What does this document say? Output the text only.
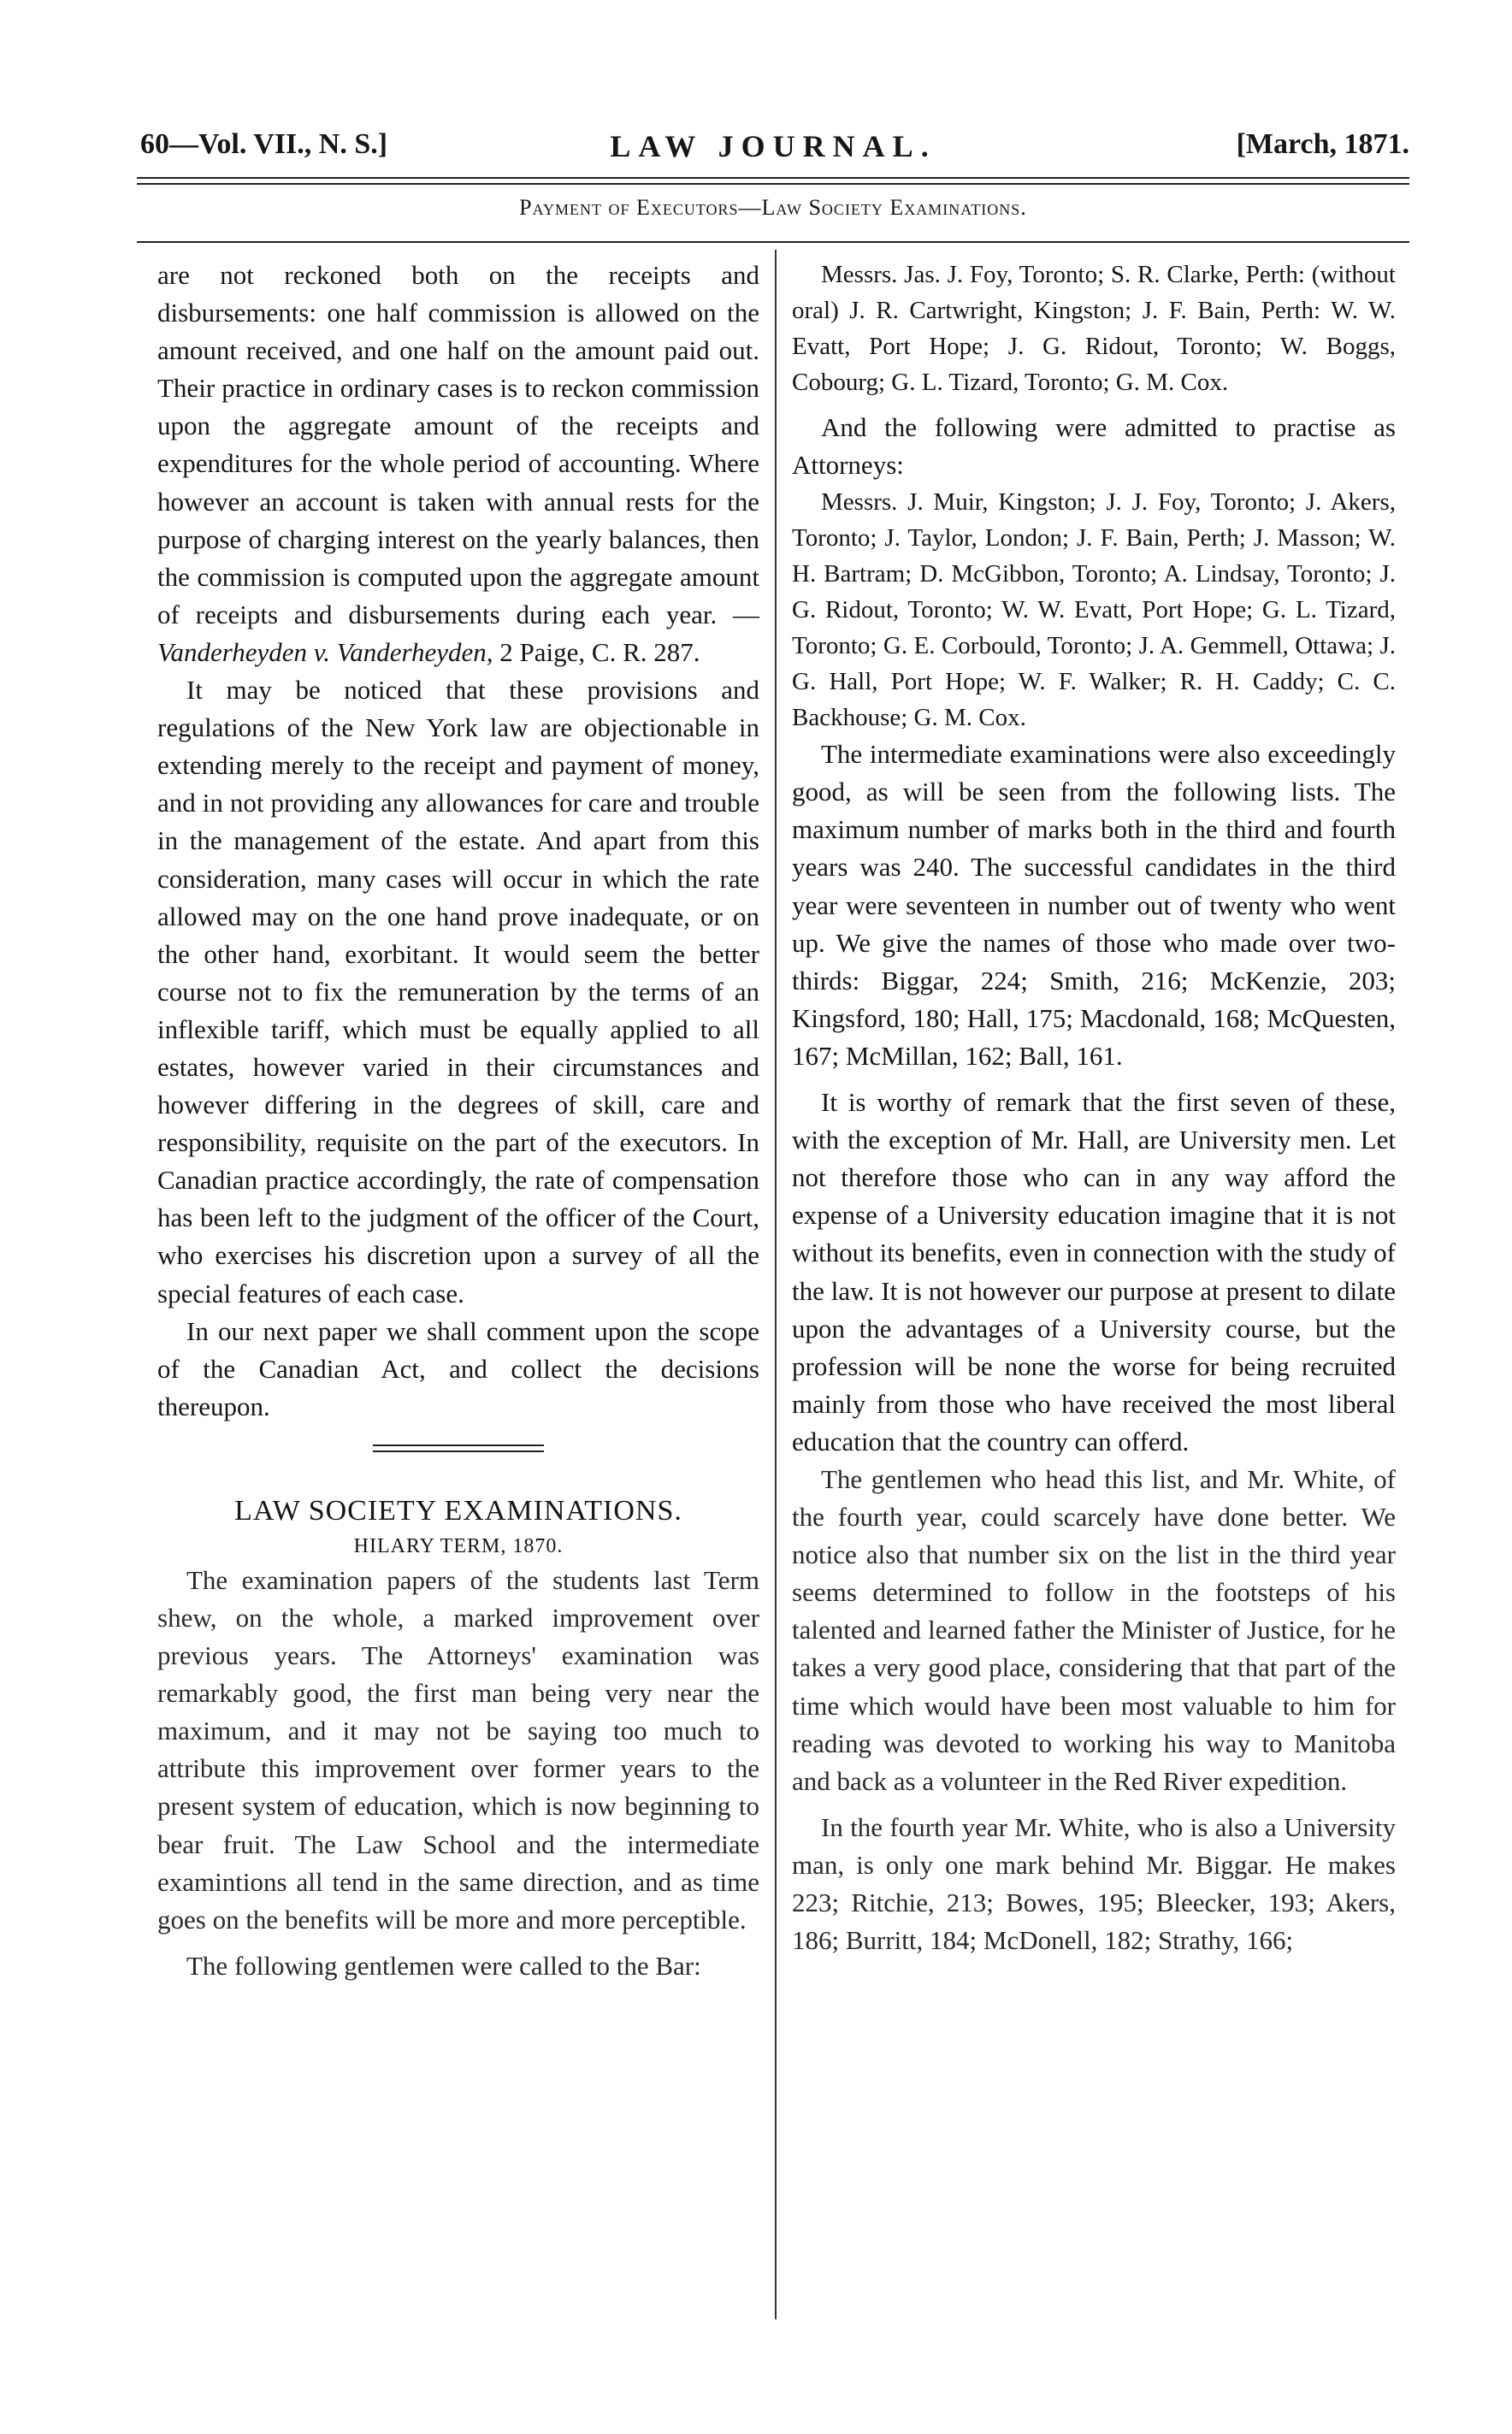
60—Vol. VII., N. S.]	LAW JOURNAL.	[March, 1871.
Payment of Executors—Law Society Examinations.

are not reckoned both on the receipts and disbursements: one half commission is allowed on the amount received, and one half on the amount paid out. Their practice in ordinary cases is to reckon commission upon the aggregate amount of the receipts and expenditures for the whole period of accounting. Where however an account is taken with annual rests for the purpose of charging interest on the yearly balances, then the commission is computed upon the aggregate amount of receipts and disbursements during each year. —Vanderheyden v. Vanderheyden, 2 Paige, C. R. 287.

It may be noticed that these provisions and regulations of the New York law are objectionable in extending merely to the receipt and payment of money, and in not providing any allowances for care and trouble in the management of the estate. And apart from this consideration, many cases will occur in which the rate allowed may on the one hand prove inadequate, or on the other hand, exorbitant. It would seem the better course not to fix the remuneration by the terms of an inflexible tariff, which must be equally applied to all estates, however varied in their circumstances and however differing in the degrees of skill, care and responsibility, requisite on the part of the executors. In Canadian practice accordingly, the rate of compensation has been left to the judgment of the officer of the Court, who exercises his discretion upon a survey of all the special features of each case.

In our next paper we shall comment upon the scope of the Canadian Act, and collect the decisions thereupon.

LAW SOCIETY EXAMINATIONS.

HILARY TERM, 1870.

The examination papers of the students last Term shew, on the whole, a marked improvement over previous years. The Attorneys' examination was remarkably good, the first man being very near the maximum, and it may not be saying too much to attribute this improvement over former years to the present system of education, which is now beginning to bear fruit. The Law School and the intermediate examintions all tend in the same direction, and as time goes on the benefits will be more and more perceptible.

The following gentlemen were called to the Bar:

Messrs. Jas. J. Foy, Toronto; S. R. Clarke, Perth: (without oral) J. R. Cartwright, Kingston; J. F. Bain, Perth: W. W. Evatt, Port Hope; J. G. Ridout, Toronto; W. Boggs, Cobourg; G. L. Tizard, Toronto; G. M. Cox.

And the following were admitted to practise as Attorneys:

Messrs. J. Muir, Kingston; J. J. Foy, Toronto; J. Akers, Toronto; J. Taylor, London; J. F. Bain, Perth; J. Masson; W. H. Bartram; D. McGibbon, Toronto; A. Lindsay, Toronto; J. G. Ridout, Toronto; W. W. Evatt, Port Hope; G. L. Tizard, Toronto; G. E. Corbould, Toronto; J. A. Gemmell, Ottawa; J. G. Hall, Port Hope; W. F. Walker; R. H. Caddy; C. C. Backhouse; G. M. Cox.

The intermediate examinations were also exceedingly good, as will be seen from the following lists. The maximum number of marks both in the third and fourth years was 240. The successful candidates in the third year were seventeen in number out of twenty who went up. We give the names of those who made over two-thirds: Biggar, 224; Smith, 216; McKenzie, 203; Kingsford, 180; Hall, 175; Macdonald, 168; McQuesten, 167; McMillan, 162; Ball, 161.

It is worthy of remark that the first seven of these, with the exception of Mr. Hall, are University men. Let not therefore those who can in any way afford the expense of a University education imagine that it is not without its benefits, even in connection with the study of the law. It is not however our purpose at present to dilate upon the advantages of a University course, but the profession will be none the worse for being recruited mainly from those who have received the most liberal education that the country can offerd.

The gentlemen who head this list, and Mr. White, of the fourth year, could scarcely have done better. We notice also that number six on the list in the third year seems determined to follow in the footsteps of his talented and learned father the Minister of Justice, for he takes a very good place, considering that that part of the time which would have been most valuable to him for reading was devoted to working his way to Manitoba and back as a volunteer in the Red River expedition.

In the fourth year Mr. White, who is also a University man, is only one mark behind Mr. Biggar. He makes 223; Ritchie, 213; Bowes, 195; Bleecker, 193; Akers, 186; Burritt, 184; McDonell, 182; Strathy, 166;
